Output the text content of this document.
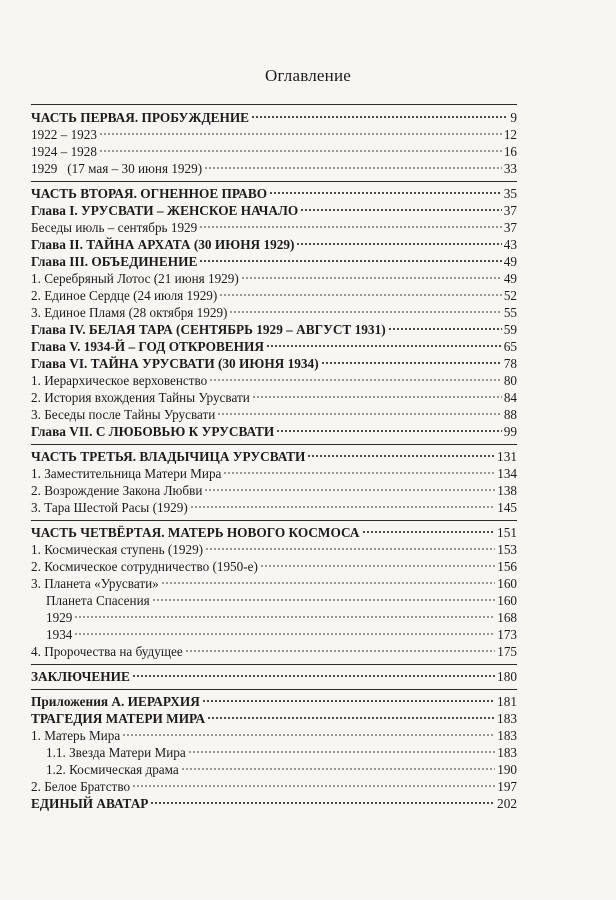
Оглавление
ЧАСТЬ ПЕРВАЯ. ПРОБУЖДЕНИЕ	9
1922 – 1923	12
1924 – 1928	16
1929   (17 мая – 30 июня 1929)	33
ЧАСТЬ ВТОРАЯ. ОГНЕННОЕ ПРАВО	35
Глава I. УРУСВАТИ – ЖЕНСКОЕ НАЧАЛО	37
Беседы июль – сентябрь 1929	37
Глава II. ТАЙНА АРХАТА (30 ИЮНЯ 1929)	43
Глава III. ОБЪЕДИНЕНИЕ	49
1. Серебряный Лотос (21 июня 1929)	49
2. Единое Сердце (24 июля 1929)	52
3. Единое Пламя (28 октября 1929)	55
Глава IV. БЕЛАЯ ТАРА (СЕНТЯБРЬ 1929 – АВГУСТ 1931)	59
Глава V. 1934-Й – ГОД ОТКРОВЕНИЯ	65
Глава VI. ТАЙНА УРУСВАТИ (30 ИЮНЯ 1934)	78
1. Иерархическое верховенство	80
2. История вхождения Тайны Урусвати	84
3. Беседы после Тайны Урусвати	88
Глава VII. С ЛЮБОВЬЮ К УРУСВАТИ	99
ЧАСТЬ ТРЕТЬЯ. ВЛАДЫЧИЦА УРУСВАТИ	131
1. Заместительница Матери Мира	134
2. Возрождение Закона Любви	138
3. Тара Шестой Расы (1929)	145
ЧАСТЬ ЧЕТВЁРТАЯ. МАТЕРЬ НОВОГО КОСМОСА	151
1. Космическая ступень (1929)	153
2. Космическое сотрудничество (1950-е)	156
3. Планета «Урусвати»	160
Планета Спасения	160
1929	168
1934	173
4. Пророчества на будущее	175
ЗАКЛЮЧЕНИЕ	180
Приложения А. ИЕРАРХИЯ	181
ТРАГЕДИЯ МАТЕРИ МИРА	183
1. Матерь Мира	183
1.1. Звезда Матери Мира	183
1.2. Космическая драма	190
2. Белое Братство	197
ЕДИНЫЙ АВАТАР	202
